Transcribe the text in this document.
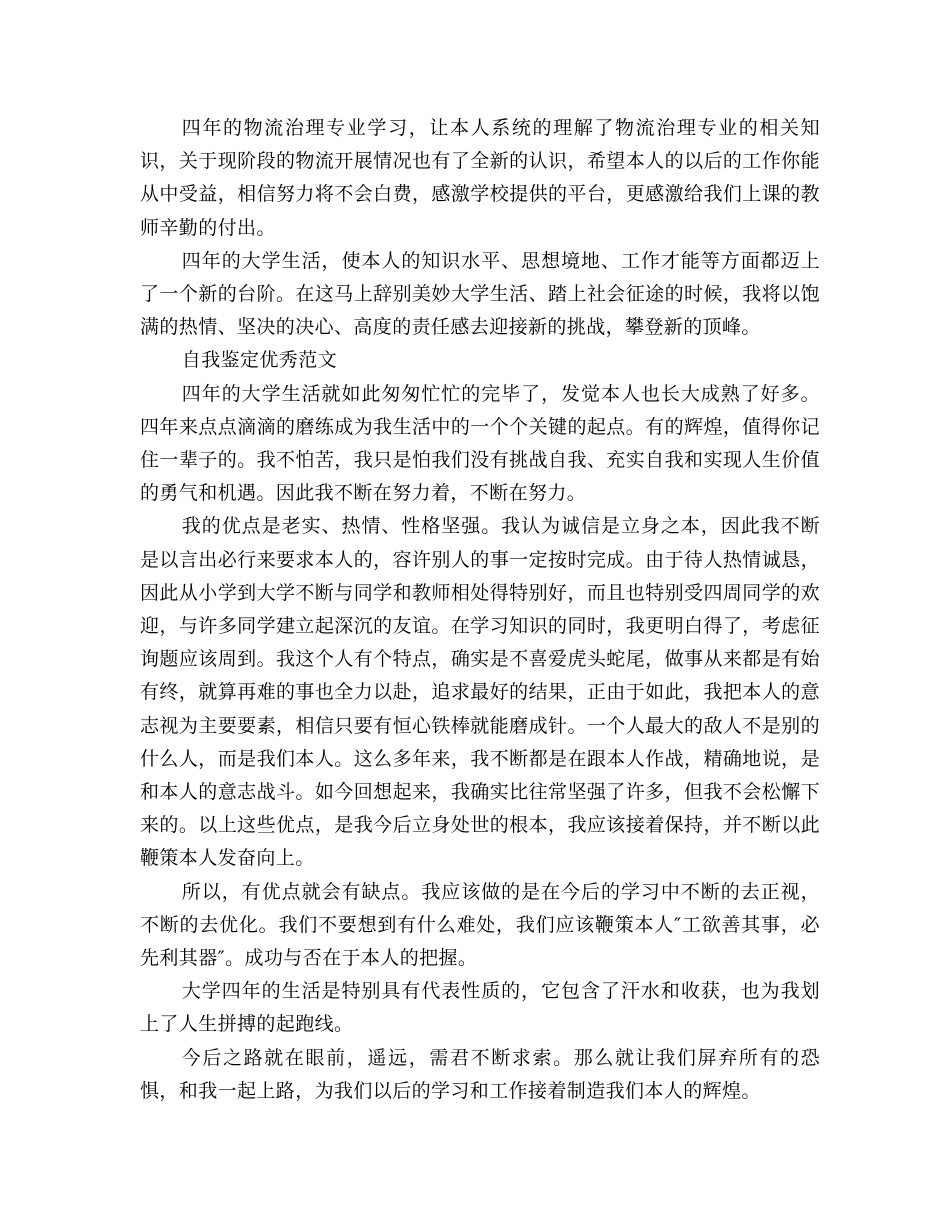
四年的物流治理专业学习，让本人系统的理解了物流治理专业的相关知识，关于现阶段的物流开展情况也有了全新的认识，希望本人的以后的工作你能从中受益，相信努力将不会白费，感激学校提供的平台，更感激给我们上课的教师辛勤的付出。

四年的大学生活，使本人的知识水平、思想境地、工作才能等方面都迈上了一个新的台阶。在这马上辞别美妙大学生活、踏上社会征途的时候，我将以饱满的热情、坚决的决心、高度的责任感去迎接新的挑战，攀登新的顶峰。

自我鉴定优秀范文

四年的大学生活就如此匆匆忙忙的完毕了，发觉本人也长大成熟了好多。四年来点点滴滴的磨练成为我生活中的一个个关键的起点。有的辉煌，值得你记住一辈子的。我不怕苦，我只是怕我们没有挑战自我、充实自我和实现人生价值的勇气和机遇。因此我不断在努力着，不断在努力。

我的优点是老实、热情、性格坚强。我认为诚信是立身之本，因此我不断是以言出必行来要求本人的，容许别人的事一定按时完成。由于待人热情诚恳，因此从小学到大学不断与同学和教师相处得特别好，而且也特别受四周同学的欢迎，与许多同学建立起深沉的友谊。在学习知识的同时，我更明白得了，考虑征询题应该周到。我这个人有个特点，确实是不喜爱虎头蛇尾，做事从来都是有始有终，就算再难的事也全力以赴，追求最好的结果，正由于如此，我把本人的意志视为主要要素，相信只要有恒心铁棒就能磨成针。一个人最大的敌人不是别的什么人，而是我们本人。这么多年来，我不断都是在跟本人作战，精确地说，是和本人的意志战斗。如今回想起来，我确实比往常坚强了许多，但我不会松懈下来的。以上这些优点，是我今后立身处世的根本，我应该接着保持，并不断以此鞭策本人发奋向上。

所以，有优点就会有缺点。我应该做的是在今后的学习中不断的去正视，不断的去优化。我们不要想到有什么难处，我们应该鞭策本人″工欲善其事，必先利其器″。成功与否在于本人的把握。

大学四年的生活是特别具有代表性质的，它包含了汗水和收获，也为我划上了人生拼搏的起跑线。

今后之路就在眼前，遥远，需君不断求索。那么就让我们屏弃所有的恐惧，和我一起上路，为我们以后的学习和工作接着制造我们本人的辉煌。
